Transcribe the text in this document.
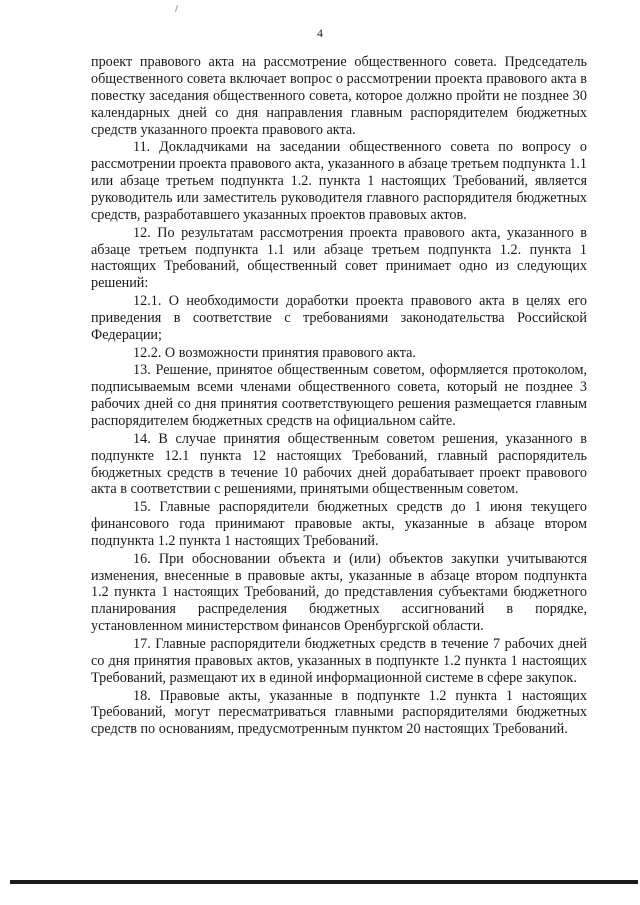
4

проект правового акта на рассмотрение общественного совета. Председатель общественного совета включает вопрос о рассмотрении проекта правового акта в повестку заседания общественного совета, которое должно пройти не позднее 30 календарных дней со дня направления главным распорядителем бюджетных средств указанного проекта правового акта.

11. Докладчиками на заседании общественного совета по вопросу о рассмотрении проекта правового акта, указанного в абзаце третьем подпункта 1.1 или абзаце третьем подпункта 1.2. пункта 1 настоящих Требований, является руководитель или заместитель руководителя главного распорядителя бюджетных средств, разработавшего указанных проектов правовых актов.

12. По результатам рассмотрения проекта правового акта, указанного в абзаце третьем подпункта 1.1 или абзаце третьем подпункта 1.2. пункта 1 настоящих Требований, общественный совет принимает одно из следующих решений:

12.1. О необходимости доработки проекта правового акта в целях его приведения в соответствие с требованиями законодательства Российской Федерации;

12.2. О возможности принятия правового акта.

13. Решение, принятое общественным советом, оформляется протоколом, подписываемым всеми членами общественного совета, который не позднее 3 рабочих дней со дня принятия соответствующего решения размещается главным распорядителем бюджетных средств на официальном сайте.

14. В случае принятия общественным советом решения, указанного в подпункте 12.1 пункта 12 настоящих Требований, главный распорядитель бюджетных средств в течение 10 рабочих дней дорабатывает проект правового акта в соответствии с решениями, принятыми общественным советом.

15. Главные распорядители бюджетных средств до 1 июня текущего финансового года принимают правовые акты, указанные в абзаце втором подпункта 1.2 пункта 1 настоящих Требований.

16. При обосновании объекта и (или) объектов закупки учитываются изменения, внесенные в правовые акты, указанные в абзаце втором подпункта 1.2 пункта 1 настоящих Требований, до представления субъектами бюджетного планирования распределения бюджетных ассигнований в порядке, установленном министерством финансов Оренбургской области.

17. Главные распорядители бюджетных средств в течение 7 рабочих дней со дня принятия правовых актов, указанных в подпункте 1.2 пункта 1 настоящих Требований, размещают их в единой информационной системе в сфере закупок.

18. Правовые акты, указанные в подпункте 1.2 пункта 1 настоящих Требований, могут пересматриваться главными распорядителями бюджетных средств по основаниям, предусмотренным пунктом 20 настоящих Требований.
